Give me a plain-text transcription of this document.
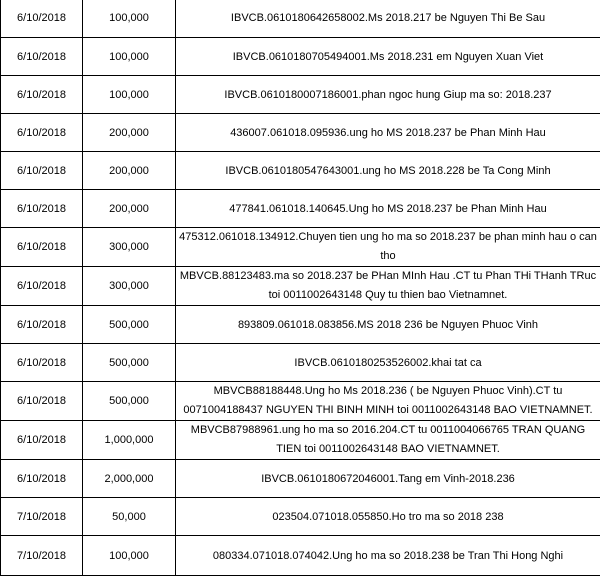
6/10/2018	100,000	IBVCB.0610180642658002.Ms 2018.217 be Nguyen Thi Be Sau
6/10/2018	100,000	IBVCB.0610180705494001.Ms 2018.231 em Nguyen Xuan Viet
6/10/2018	100,000	IBVCB.0610180007186001.phan ngoc hung Giup ma so: 2018.237
6/10/2018	200,000	436007.061018.095936.ung ho MS 2018.237 be Phan Minh Hau
6/10/2018	200,000	IBVCB.0610180547643001.ung ho MS 2018.228 be Ta Cong Minh
6/10/2018	200,000	477841.061018.140645.Ung ho MS 2018.237 be Phan Minh Hau
6/10/2018	300,000	475312.061018.134912.Chuyen tien ung ho ma so 2018.237 be phan minh hau o can tho
6/10/2018	300,000	MBVCB.88123483.ma so 2018.237 be PHan MInh Hau .CT tu Phan THi THanh TRuc toi 0011002643148 Quy tu thien bao Vietnamnet.
6/10/2018	500,000	893809.061018.083856.MS 2018 236 be Nguyen Phuoc Vinh
6/10/2018	500,000	IBVCB.0610180253526002.khai tat ca
6/10/2018	500,000	MBVCB88188448.Ung ho Ms 2018.236 ( be Nguyen Phuoc Vinh).CT tu 0071004188437 NGUYEN THI BINH MINH toi 0011002643148 BAO VIETNAMNET.
6/10/2018	1,000,000	MBVCB87988961.ung ho ma so 2016.204.CT tu 0011004066765 TRAN QUANG TIEN toi 0011002643148 BAO VIETNAMNET.
6/10/2018	2,000,000	IBVCB.0610180672046001.Tang em Vinh-2018.236
7/10/2018	50,000	023504.071018.055850.Ho tro ma so 2018 238
7/10/2018	100,000	080334.071018.074042.Ung ho ma so 2018.238 be Tran Thi Hong Nghi
